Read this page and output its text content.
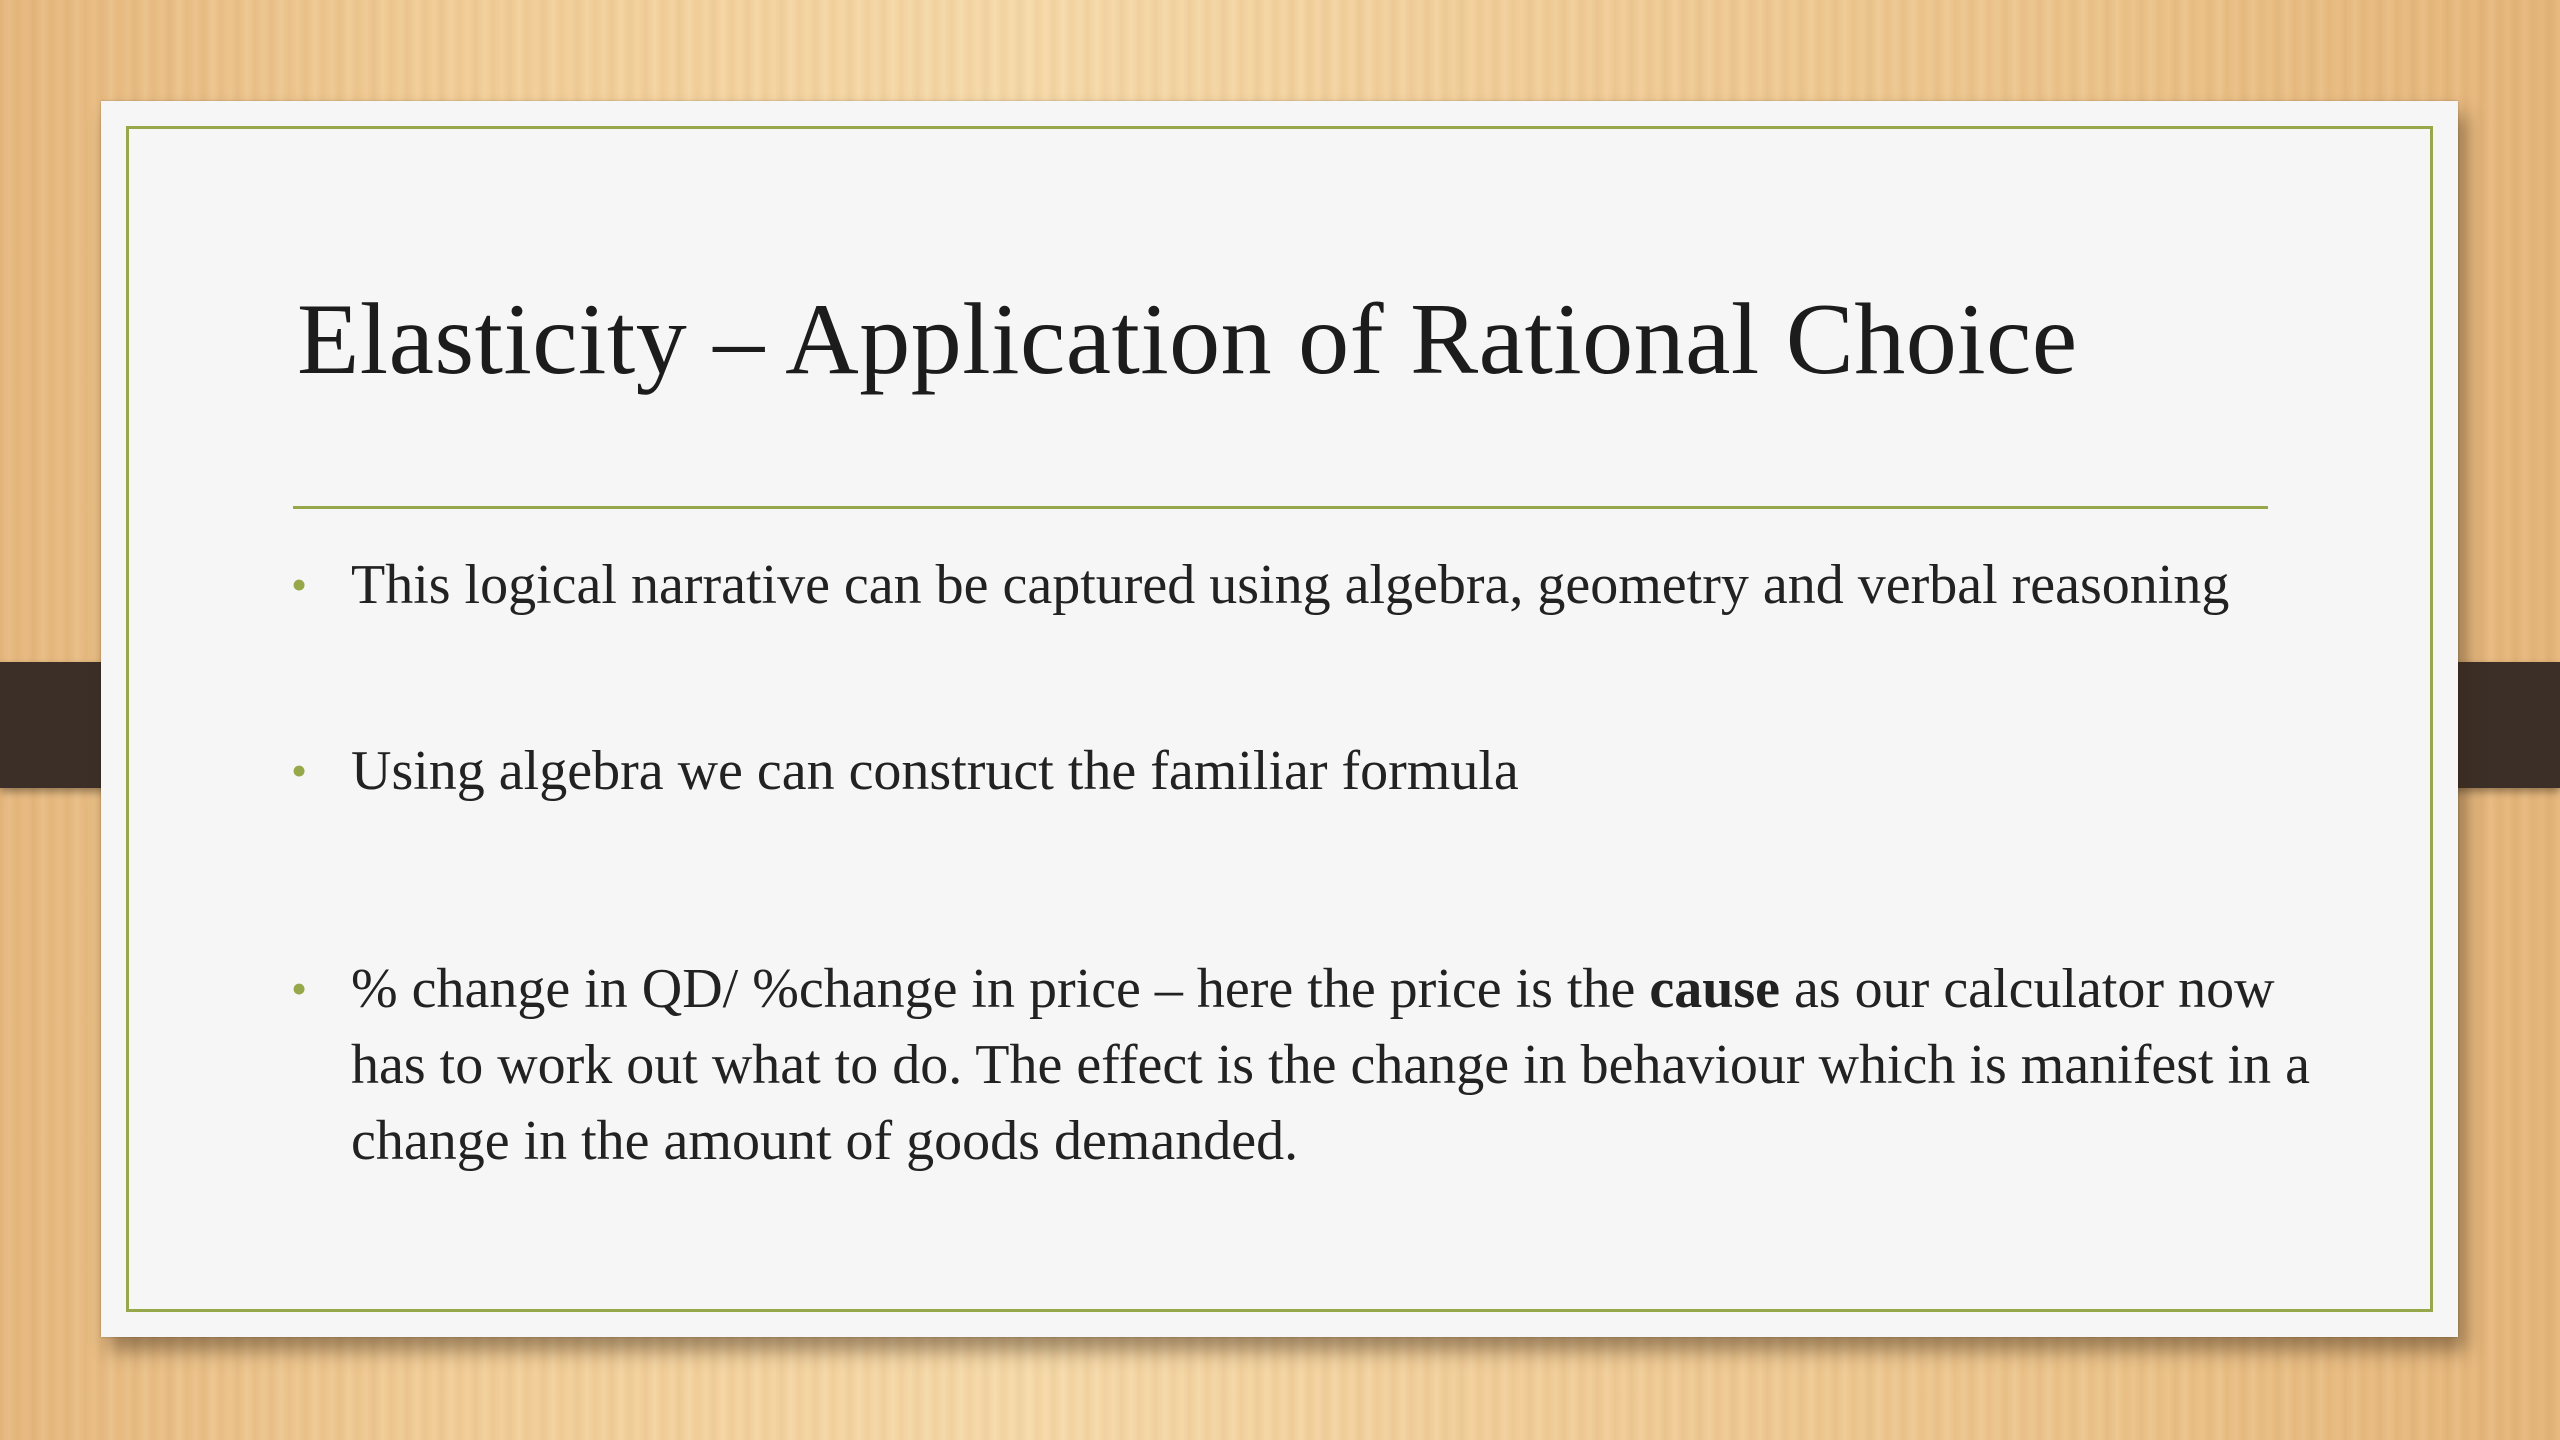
Elasticity – Application of Rational Choice
• This logical narrative can be captured using algebra, geometry and verbal reasoning
• Using algebra we can construct the familiar formula
• % change in QD/ %change in price – here the price is the cause as our calculator now has to work out what to do. The effect is the change in behaviour which is manifest in a change in the amount of goods demanded.
